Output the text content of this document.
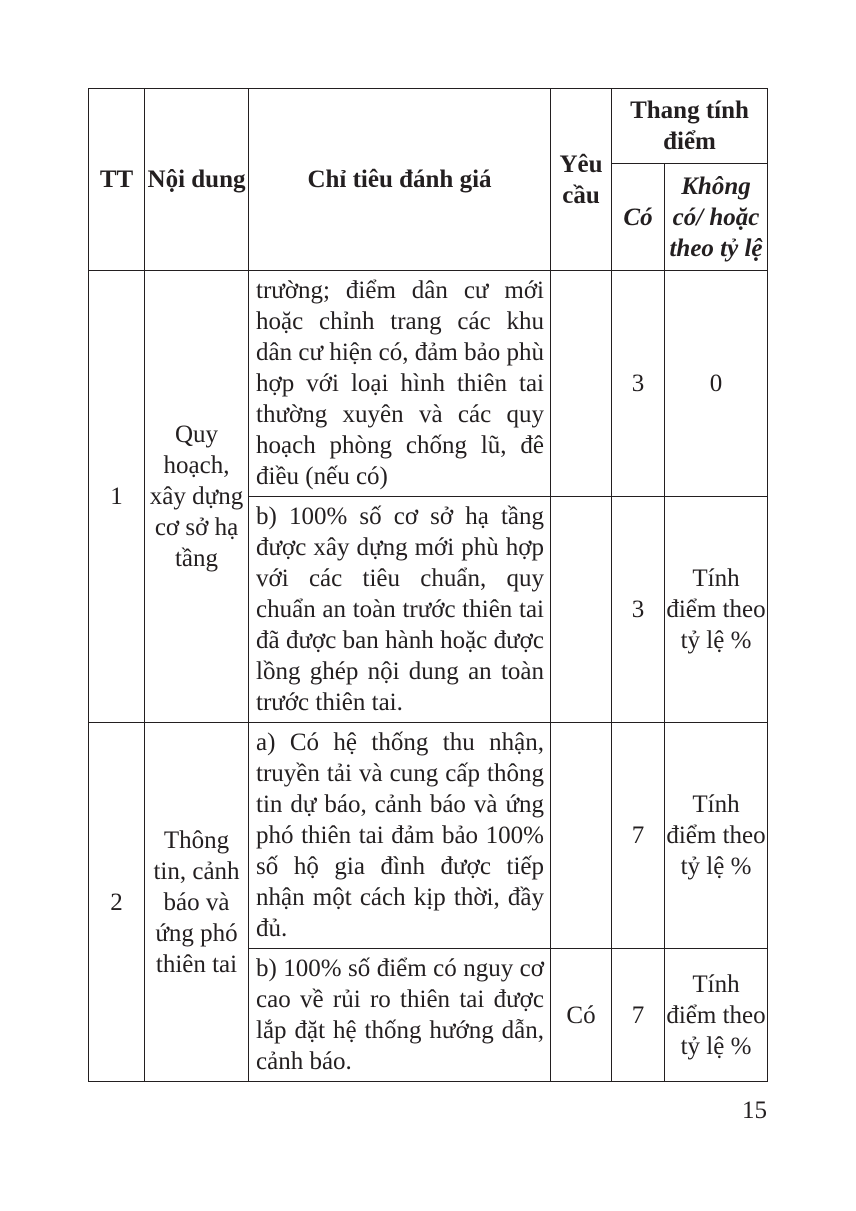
TT	Nội dung	Chỉ tiêu đánh giá	Yêu cầu	Thang tính điểm	
				Có	Không có/ hoặc theo tỷ lệ
1	Quy hoạch, xây dựng cơ sở hạ tầng	trường; điểm dân cư mới hoặc chỉnh trang các khu dân cư hiện có, đảm bảo phù hợp với loại hình thiên tai thường xuyên và các quy hoạch phòng chống lũ, đê điều (nếu có)		3	0
		b) 100% số cơ sở hạ tầng được xây dựng mới phù hợp với các tiêu chuẩn, quy chuẩn an toàn trước thiên tai đã được ban hành hoặc được lồng ghép nội dung an toàn trước thiên tai.		3	Tính điểm theo tỷ lệ %
2	Thông tin, cảnh báo và ứng phó thiên tai	a) Có hệ thống thu nhận, truyền tải và cung cấp thông tin dự báo, cảnh báo và ứng phó thiên tai đảm bảo 100% số hộ gia đình được tiếp nhận một cách kịp thời, đầy đủ.		7	Tính điểm theo tỷ lệ %
		b) 100% số điểm có nguy cơ cao về rủi ro thiên tai được lắp đặt hệ thống hướng dẫn, cảnh báo.	Có	7	Tính điểm theo tỷ lệ %
15
